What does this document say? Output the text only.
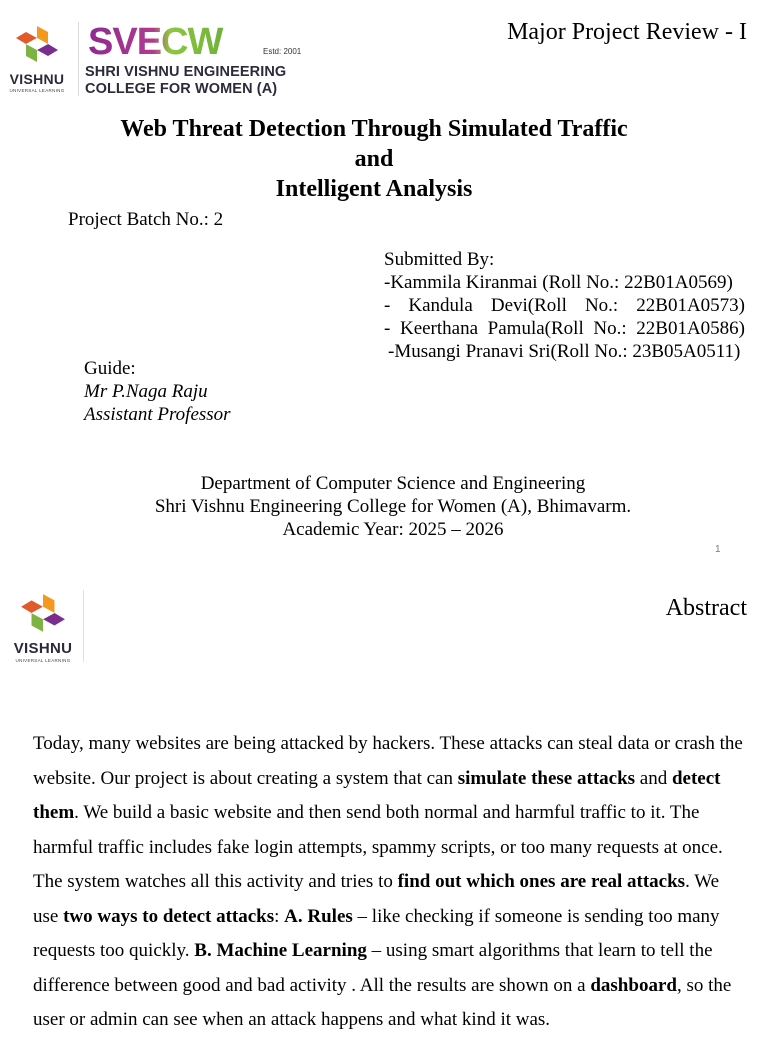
VISHNU
UNIVERSAL LEARNING
SVECW	Estd: 2001
SHRI VISHNU ENGINEERING
COLLEGE FOR WOMEN (A)
Major Project Review - I
Web Threat Detection Through Simulated Traffic
and
Intelligent Analysis
Project Batch No.: 2
Submitted By:
-Kammila Kiranmai (Roll No.: 22B01A0569)
- Kandula Devi(Roll No.: 22B01A0573)
- Keerthana Pamula(Roll No.: 22B01A0586)
-Musangi Pranavi Sri(Roll No.: 23B05A0511)
Guide:
Mr P.Naga Raju
Assistant Professor
Department of Computer Science and Engineering
Shri Vishnu Engineering College for Women (A), Bhimavarm.
Academic Year: 2025 – 2026
1
VISHNU
UNIVERSAL LEARNING
Abstract
Today, many websites are being attacked by hackers. These attacks can steal data or crash the website. Our project is about creating a system that can simulate these attacks and detect them. We build a basic website and then send both normal and harmful traffic to it. The harmful traffic includes fake login attempts, spammy scripts, or too many requests at once. The system watches all this activity and tries to find out which ones are real attacks. We use two ways to detect attacks: A. Rules – like checking if someone is sending too many requests too quickly. B. Machine Learning – using smart algorithms that learn to tell the difference between good and bad activity . All the results are shown on a dashboard, so the user or admin can see when an attack happens and what kind it was.
